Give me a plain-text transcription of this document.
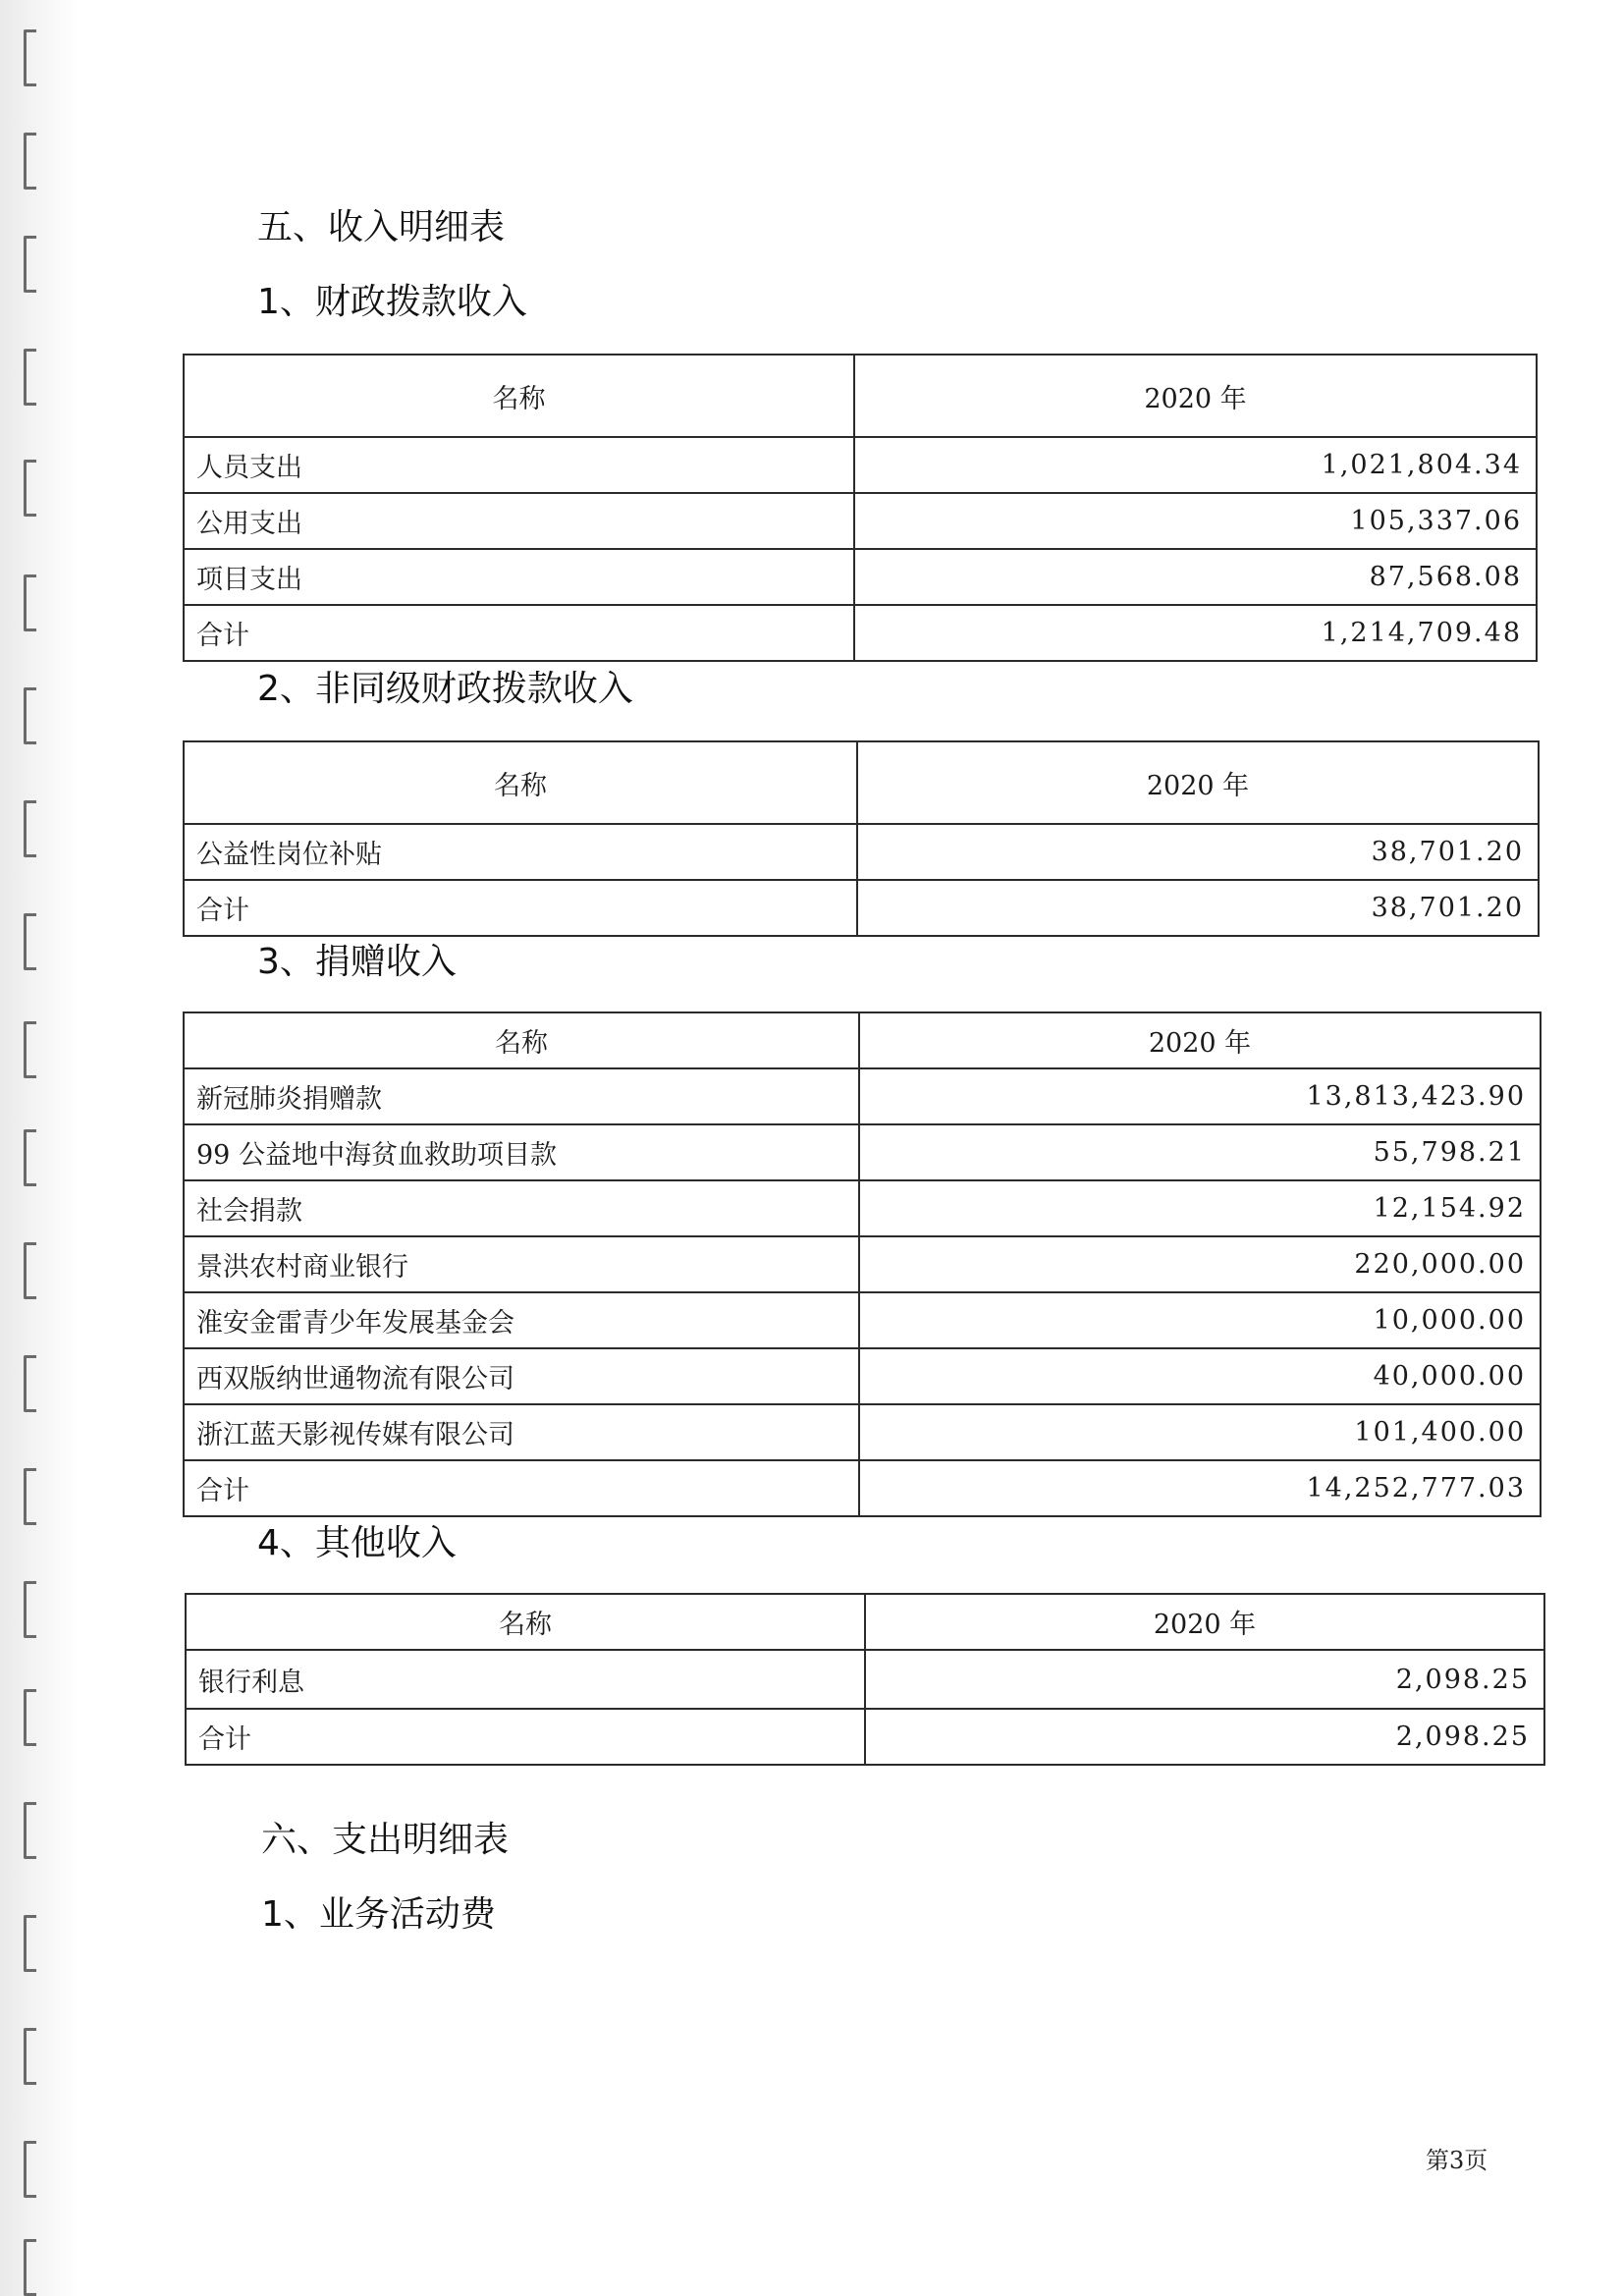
五、收入明细表
1、财政拨款收入
名称	2020 年
人员支出	1,021,804.34
公用支出	105,337.06
项目支出	87,568.08
合计	1,214,709.48
2、非同级财政拨款收入
名称	2020 年
公益性岗位补贴	38,701.20
合计	38,701.20
3、捐赠收入
名称	2020 年
新冠肺炎捐赠款	13,813,423.90
99 公益地中海贫血救助项目款	55,798.21
社会捐款	12,154.92
景洪农村商业银行	220,000.00
淮安金雷青少年发展基金会	10,000.00
西双版纳世通物流有限公司	40,000.00
浙江蓝天影视传媒有限公司	101,400.00
合计	14,252,777.03
4、其他收入
名称	2020 年
银行利息	2,098.25
合计	2,098.25
六、支出明细表
1、业务活动费
第3页
